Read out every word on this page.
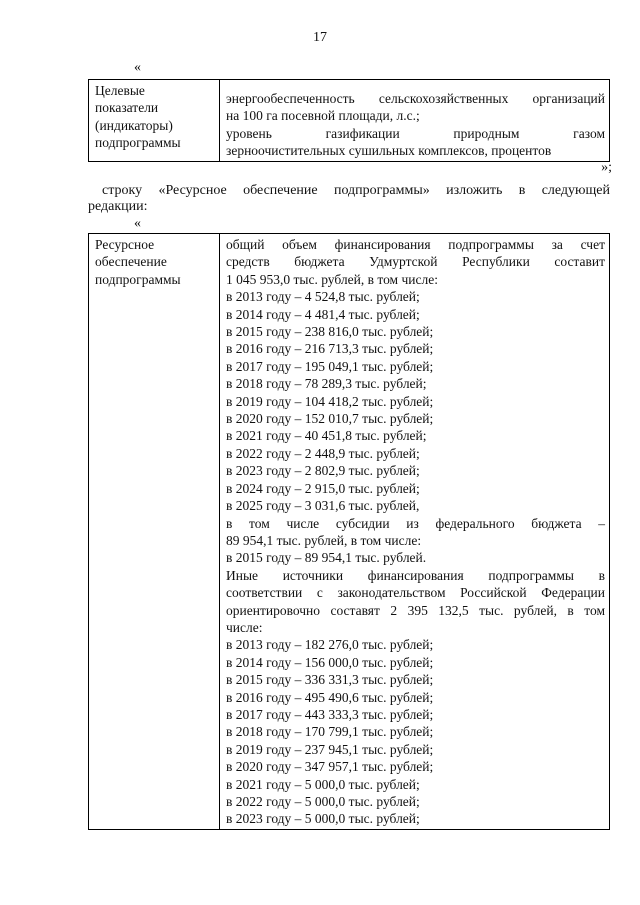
17
«
Целевые
показатели
(индикаторы)
подпрограммы

энергообеспеченность сельскохозяйственных организаций
на 100 га посевной площади, л.с.;
уровень газификации природным газом
зерноочистительных сушильных комплексов, процентов
»;
строку «Ресурсное обеспечение подпрограммы» изложить в следующей
редакции:
«
Ресурсное
обеспечение
подпрограммы

общий объем финансирования подпрограммы за счет
средств бюджета Удмуртской Республики составит
1 045 953,0 тыс. рублей, в том числе:
в 2013 году – 4 524,8 тыс. рублей;
в 2014 году – 4 481,4 тыс. рублей;
в 2015 году – 238 816,0 тыс. рублей;
в 2016 году – 216 713,3 тыс. рублей;
в 2017 году – 195 049,1 тыс. рублей;
в 2018 году – 78 289,3 тыс. рублей;
в 2019 году – 104 418,2 тыс. рублей;
в 2020 году – 152 010,7 тыс. рублей;
в 2021 году – 40 451,8 тыс. рублей;
в 2022 году – 2 448,9 тыс. рублей;
в 2023 году – 2 802,9 тыс. рублей;
в 2024 году – 2 915,0 тыс. рублей;
в 2025 году – 3 031,6 тыс. рублей,
в том числе субсидии из федерального бюджета –
89 954,1 тыс. рублей, в том числе:
в 2015 году – 89 954,1 тыс. рублей.
Иные источники финансирования подпрограммы в
соответствии с законодательством Российской Федерации
ориентировочно составят 2 395 132,5 тыс. рублей, в том
числе:
в 2013 году – 182 276,0 тыс. рублей;
в 2014 году – 156 000,0 тыс. рублей;
в 2015 году – 336 331,3 тыс. рублей;
в 2016 году – 495 490,6 тыс. рублей;
в 2017 году – 443 333,3 тыс. рублей;
в 2018 году – 170 799,1 тыс. рублей;
в 2019 году – 237 945,1 тыс. рублей;
в 2020 году – 347 957,1 тыс. рублей;
в 2021 году – 5 000,0 тыс. рублей;
в 2022 году – 5 000,0 тыс. рублей;
в 2023 году – 5 000,0 тыс. рублей;
